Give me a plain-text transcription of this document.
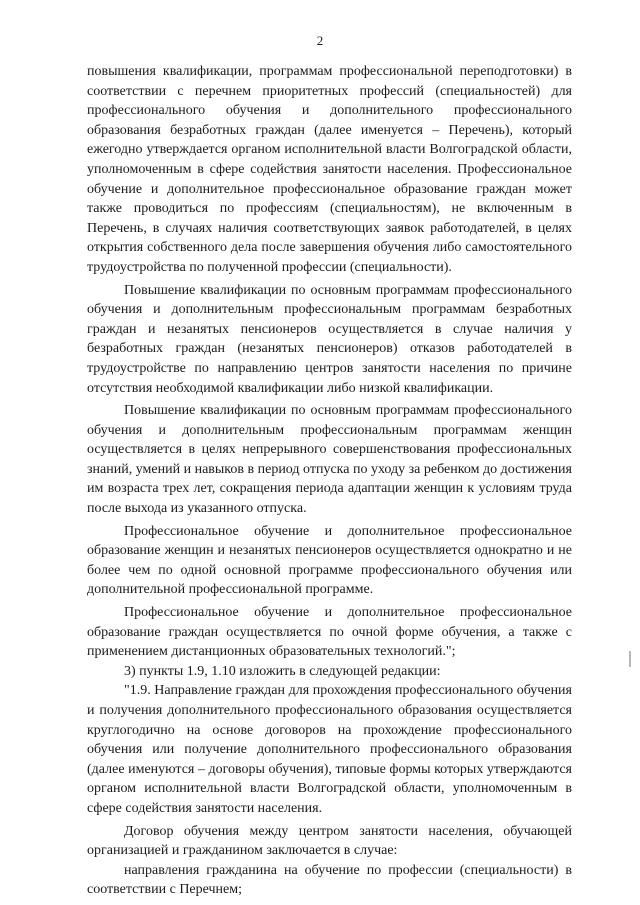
2

повышения квалификации, программам профессиональной переподготовки) в соответствии с перечнем приоритетных профессий (специальностей) для профессионального обучения и дополнительного профессионального образования безработных граждан (далее именуется – Перечень), который ежегодно утверждается органом исполнительной власти Волгоградской области, уполномоченным в сфере содействия занятости населения. Профессиональное обучение и дополнительное профессиональное образование граждан может также проводиться по профессиям (специальностям), не включенным в Перечень, в случаях наличия соответствующих заявок работодателей, в целях открытия собственного дела после завершения обучения либо самостоятельного трудоустройства по полученной профессии (специальности).

Повышение квалификации по основным программам профессионального обучения и дополнительным профессиональным программам безработных граждан и незанятых пенсионеров осуществляется в случае наличия у безработных граждан (незанятых пенсионеров) отказов работодателей в трудоустройстве по направлению центров занятости населения по причине отсутствия необходимой квалификации либо низкой квалификации.

Повышение квалификации по основным программам профессионального обучения и дополнительным профессиональным программам женщин осуществляется в целях непрерывного совершенствования профессиональных знаний, умений и навыков в период отпуска по уходу за ребенком до достижения им возраста трех лет, сокращения периода адаптации женщин к условиям труда после выхода из указанного отпуска.

Профессиональное обучение и дополнительное профессиональное образование женщин и незанятых пенсионеров осуществляется однократно и не более чем по одной основной программе профессионального обучения или дополнительной профессиональной программе.

Профессиональное обучение и дополнительное профессиональное образование граждан осуществляется по очной форме обучения, а также с применением дистанционных образовательных технологий.";

3) пункты 1.9, 1.10 изложить в следующей редакции:

"1.9. Направление граждан для прохождения профессионального обучения и получения дополнительного профессионального образования осуществляется круглогодично на основе договоров на прохождение профессионального обучения или получение дополнительного профессионального образования (далее именуются – договоры обучения), типовые формы которых утверждаются органом исполнительной власти Волгоградской области, уполномоченным в сфере содействия занятости населения.

Договор обучения между центром занятости населения, обучающей организацией и гражданином заключается в случае:

направления гражданина на обучение по профессии (специальности) в соответствии с Перечнем;
